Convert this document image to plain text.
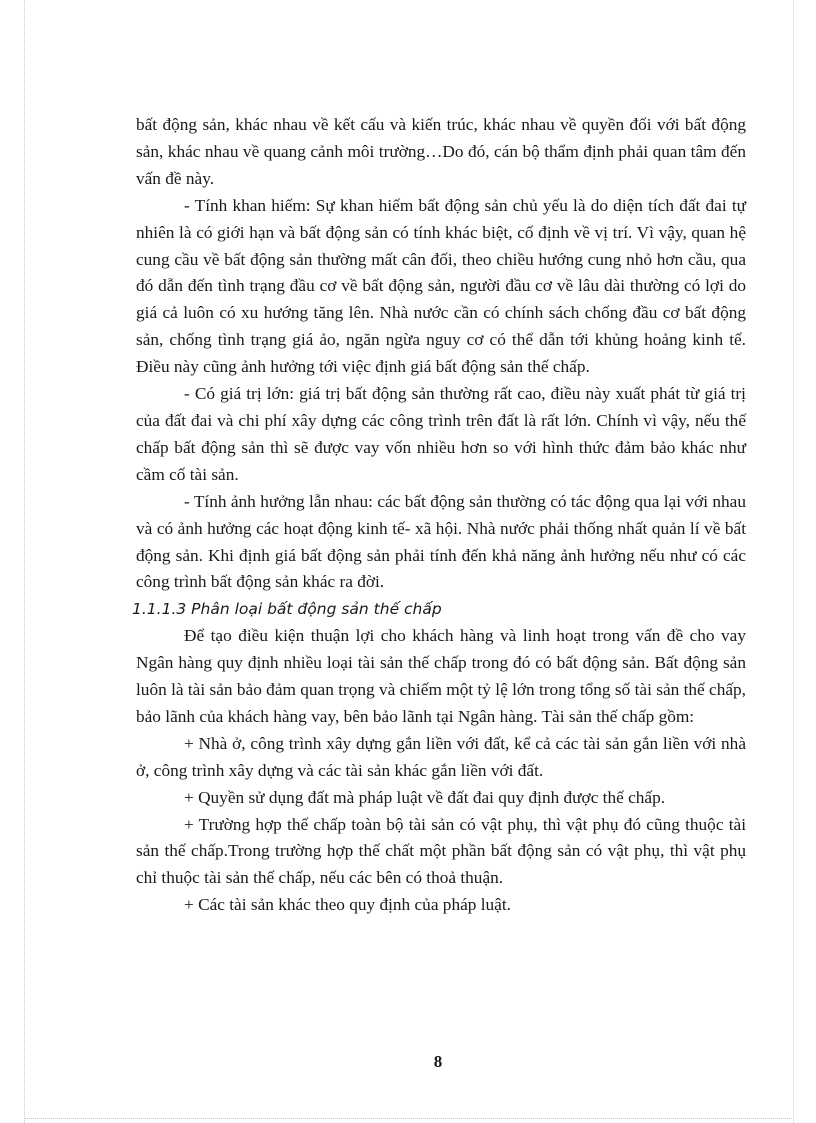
bất động sản, khác nhau về kết cấu và kiến trúc, khác nhau về quyền đối với bất động sản, khác nhau về quang cảnh môi trường…Do đó, cán bộ thẩm định phải quan tâm đến vấn đề này.

- Tính khan hiếm: Sự khan hiếm bất động sản chủ yếu là do diện tích đất đai tự nhiên là có giới hạn và bất động sản có tính khác biệt, cố định về vị trí. Vì vậy, quan hệ cung cầu về bất động sản thường mất cân đối, theo chiều hướng cung nhỏ hơn cầu, qua đó dẫn đến tình trạng đầu cơ về bất động sản, người đầu cơ về lâu dài thường có lợi do giá cả luôn có xu hướng tăng lên. Nhà nước cần có chính sách chống đầu cơ bất động sản, chống tình trạng giá ảo, ngăn ngừa nguy cơ có thể dẫn tới khủng hoảng kinh tế. Điều này cũng ảnh hưởng tới việc định giá bất động sản thế chấp.

- Có giá trị lớn: giá trị bất động sản thường rất cao, điều này xuất phát từ giá trị của đất đai và chi phí xây dựng các công trình trên đất là rất lớn. Chính vì vậy, nếu thế chấp bất động sản thì sẽ được vay vốn nhiều hơn so với hình thức đảm bảo khác như cầm cố tài sản.

- Tính ảnh hưởng lẫn nhau: các bất động sản thường có tác động qua lại với nhau và có ảnh hưởng các hoạt động kinh tế- xã hội. Nhà nước phải thống nhất quản lí về bất động sản. Khi định giá bất động sản phải tính đến khả năng ảnh hưởng nếu như có các công trình bất động sản khác ra đời.

1.1.1.3 Phân loại bất động sản thế chấp

Để tạo điều kiện thuận lợi cho khách hàng và linh hoạt trong vấn đề cho vay Ngân hàng quy định nhiều loại tài sản thế chấp trong đó có bất động sản. Bất động sản luôn là tài sản bảo đảm quan trọng và chiếm một tỷ lệ lớn trong tổng số tài sản thế chấp, bảo lãnh của khách hàng vay, bên bảo lãnh tại Ngân hàng. Tài sản thế chấp gồm:

+ Nhà ở, công trình xây dựng gắn liền với đất, kể cả các tài sản gắn liền với nhà ở, công trình xây dựng và các tài sản khác gắn liền với đất.

+ Quyền sử dụng đất mà pháp luật về đất đai quy định được thế chấp.

+ Trường hợp thế chấp toàn bộ tài sản có vật phụ, thì vật phụ đó cũng thuộc tài sản thế chấp.Trong trường hợp thế chất một phần bất động sản có vật phụ, thì vật phụ chỉ thuộc tài sản thế chấp, nếu các bên có thoả thuận.

+ Các tài sản khác theo quy định của pháp luật.

8
